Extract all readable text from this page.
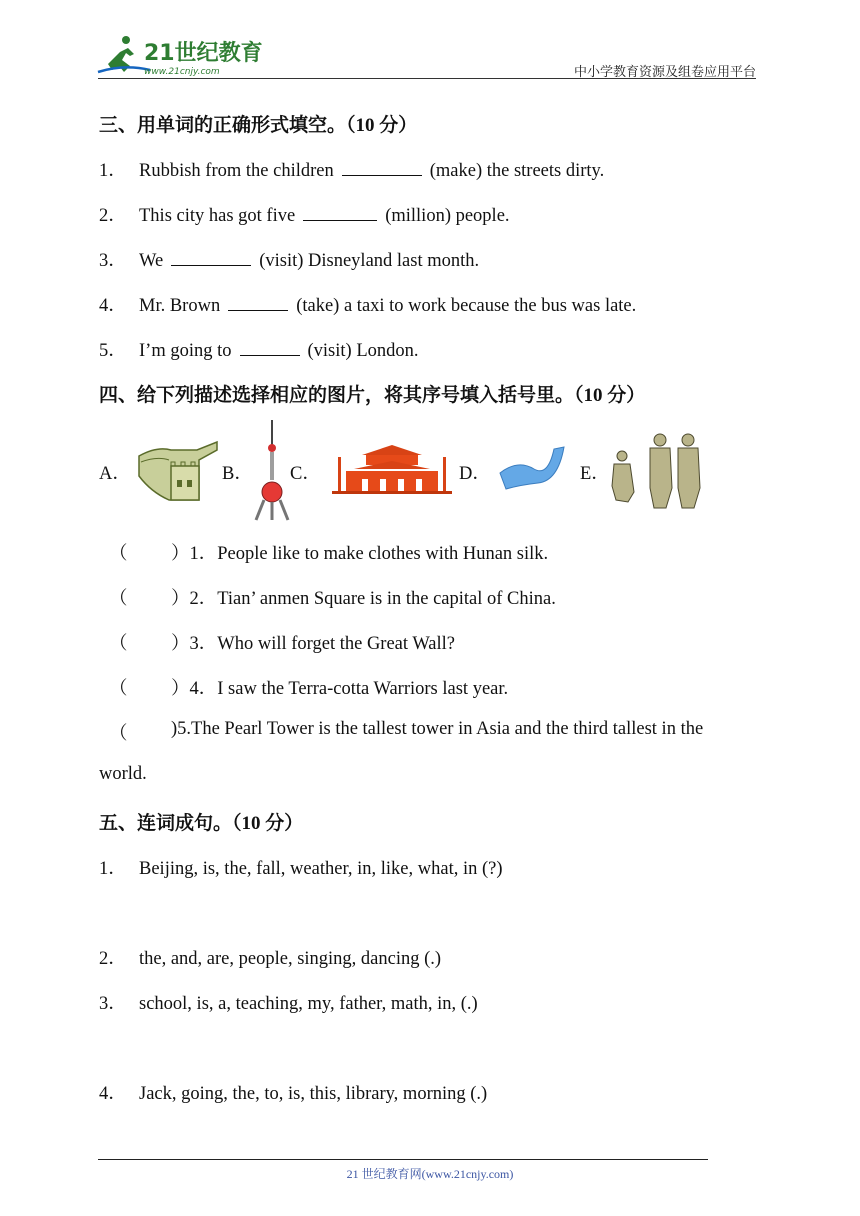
21世纪教育
www.21cnjy.com	中小学教育资源及组卷应用平台
三、用单词的正确形式填空。（10 分）
1． Rubbish from the children	(make) the streets dirty.
2． This city has got five	(million) people.
3． We	(visit) Disneyland last month.
4． Mr. Brown	(take) a taxi to work because the bus was late.
5． I’m going to	(visit) London.
四、给下列描述选择相应的图片，将其序号填入括号里。（10 分）
A．	B． C．	D．	E．
（ ）1．People like to make clothes with Hunan silk.
（ ）2．Tian’ anmen Square is in the capital of China.
（ ）3．Who will forget the Great Wall?
（ ）4．I saw the Terra-cotta Warriors last year.
（ )5.The Pearl Tower is the tallest tower in Asia and the third tallest in the
world.
五、连词成句。（10 分）
1． Beijing, is, the, fall, weather, in, like, what, in (?)
2． the, and, are, people, singing, dancing (.)
3． school, is, a, teaching, my, father, math, in, (.)
4． Jack, going, the, to, is, this, library, morning (.)
21 世纪教育网(www.21cnjy.com)
